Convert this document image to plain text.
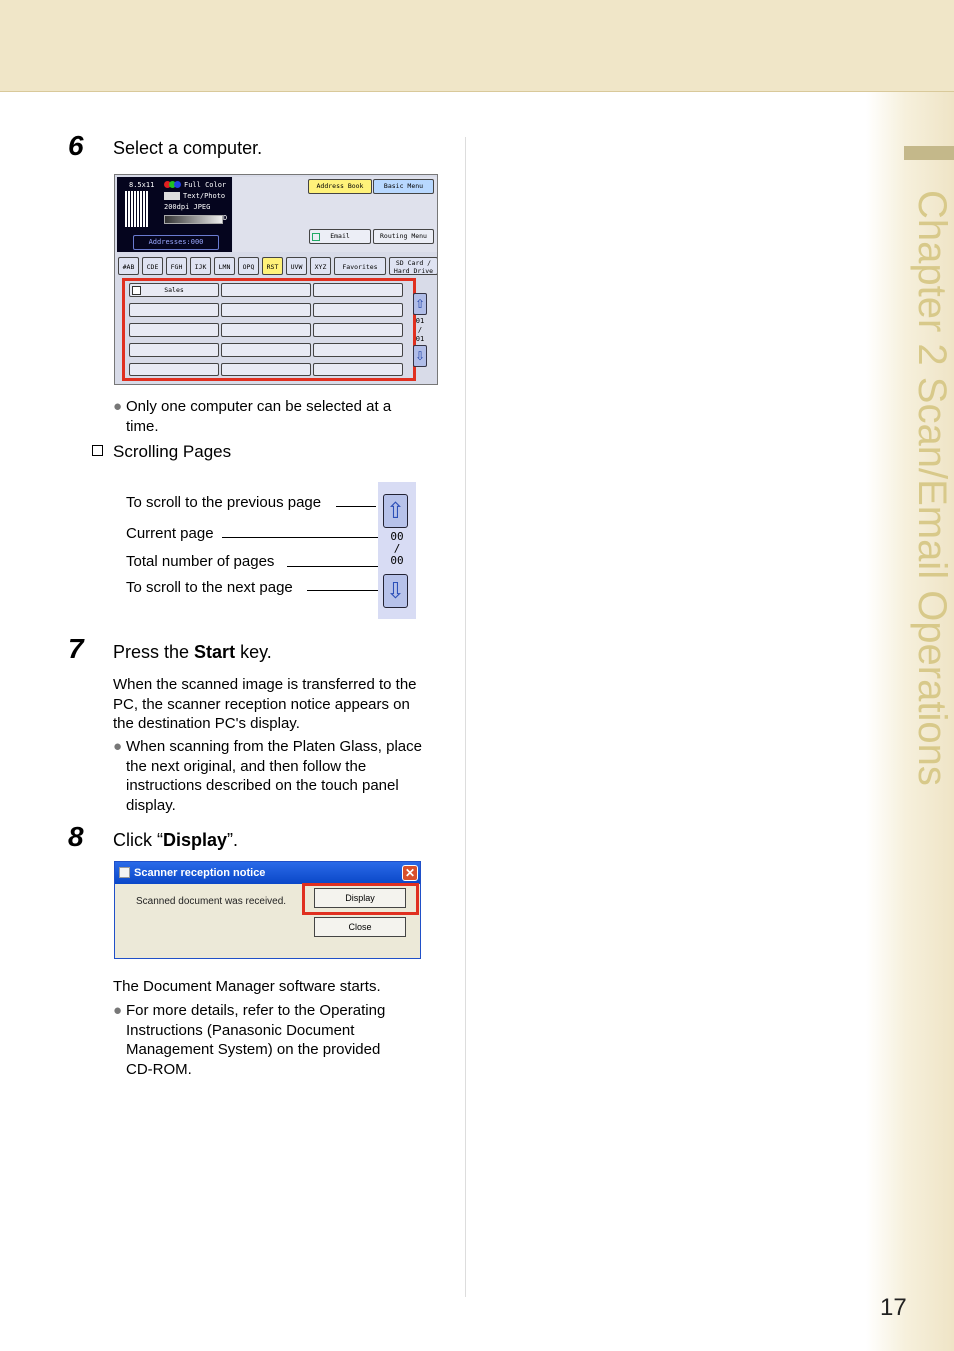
Chapter 2 Scan/Email Operations
17
6 Select a computer.
8.5x11	Full Color
Text/Photo
200dpi JPEG
D
Addresses:000
Address Book	Basic Menu
Email	Routing Menu
#AB	CDE	FGH	IJK	LMN	OPQ	RST	UVW	XYZ	Favorites	SD Card /
Hard Drive
Sales
⇧
01
/
01
⇩
● Only one computer can be selected at a
time.
Scrolling Pages
To scroll to the previous page
Current page
Total number of pages
To scroll to the next page
⇧
00
/
00
⇩
7 Press the Start key.
When the scanned image is transferred to the
PC, the scanner reception notice appears on
the destination PC's display.
● When scanning from the Platen Glass, place
the next original, and then follow the
instructions described on the touch panel
display.
8 Click “Display”.
Scanner reception notice	✕
Scanned document was received.	Display
Close
The Document Manager software starts.
● For more details, refer to the Operating
Instructions (Panasonic Document
Management System) on the provided
CD-ROM.
